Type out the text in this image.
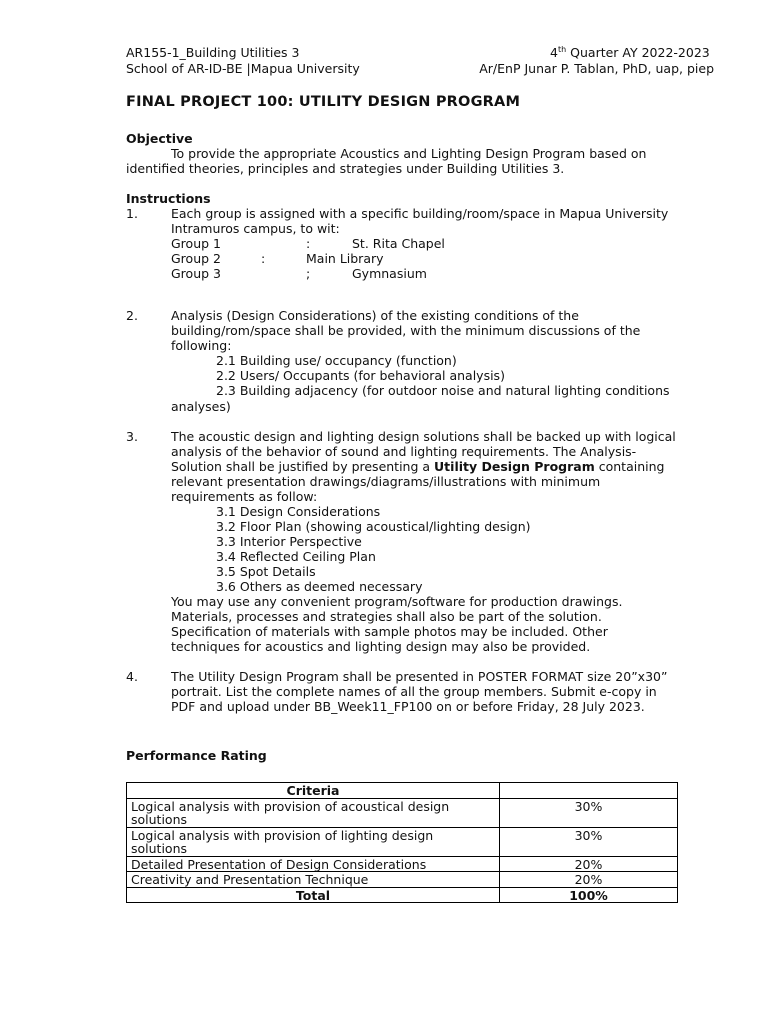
AR155-1_Building Utilities 3
School of AR-ID-BE |Mapua University
4th Quarter AY 2022-2023
Ar/EnP Junar P. Tablan, PhD, uap, piep
FINAL PROJECT 100: UTILITY DESIGN PROGRAM
Objective
To provide the appropriate Acoustics and Lighting Design Program based on
identified theories, principles and strategies under Building Utilities 3.
Instructions
1.	Each group is assigned with a specific building/room/space in Mapua University
Intramuros campus, to wit:
Group 1	:	St. Rita Chapel
Group 2	:	Main Library
Group 3	;	Gymnasium
2.	Analysis (Design Considerations) of the existing conditions of the
building/rom/space shall be provided, with the minimum discussions of the
following:
2.1 Building use/ occupancy (function)
2.2 Users/ Occupants (for behavioral analysis)
2.3 Building adjacency (for outdoor noise and natural lighting conditions
analyses)
3.	The acoustic design and lighting design solutions shall be backed up with logical
analysis of the behavior of sound and lighting requirements. The Analysis-
Solution shall be justified by presenting a Utility Design Program containing
relevant presentation drawings/diagrams/illustrations with minimum
requirements as follow:
3.1 Design Considerations
3.2 Floor Plan (showing acoustical/lighting design)
3.3 Interior Perspective
3.4 Reflected Ceiling Plan
3.5 Spot Details
3.6 Others as deemed necessary
You may use any convenient program/software for production drawings.
Materials, processes and strategies shall also be part of the solution.
Specification of materials with sample photos may be included. Other
techniques for acoustics and lighting design may also be provided.
4.	The Utility Design Program shall be presented in POSTER FORMAT size 20”x30”
portrait. List the complete names of all the group members. Submit e-copy in
PDF and upload under BB_Week11_FP100 on or before Friday, 28 July 2023.
Performance Rating
Criteria	

Logical analysis with provision of acoustical design
solutions	30%

Logical analysis with provision of lighting design
solutions	30%
Detailed Presentation of Design Considerations	20%
Creativity and Presentation Technique	20%
Total	100%
